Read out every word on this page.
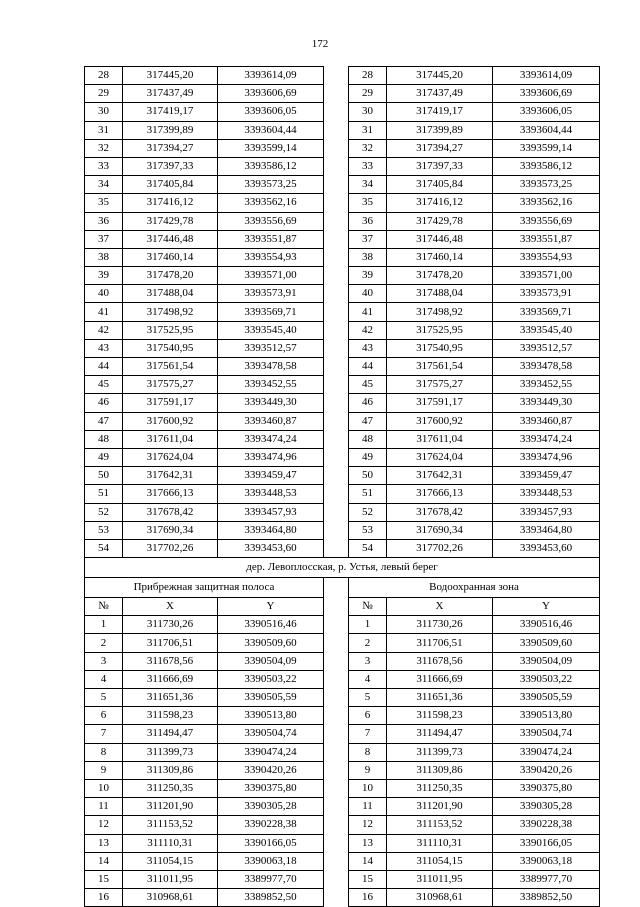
172
28	317445,20	3393614,09		28	317445,20	3393614,09
29	317437,49	3393606,69		29	317437,49	3393606,69
30	317419,17	3393606,05		30	317419,17	3393606,05
31	317399,89	3393604,44		31	317399,89	3393604,44
32	317394,27	3393599,14		32	317394,27	3393599,14
33	317397,33	3393586,12		33	317397,33	3393586,12
34	317405,84	3393573,25		34	317405,84	3393573,25
35	317416,12	3393562,16		35	317416,12	3393562,16
36	317429,78	3393556,69		36	317429,78	3393556,69
37	317446,48	3393551,87		37	317446,48	3393551,87
38	317460,14	3393554,93		38	317460,14	3393554,93
39	317478,20	3393571,00		39	317478,20	3393571,00
40	317488,04	3393573,91		40	317488,04	3393573,91
41	317498,92	3393569,71		41	317498,92	3393569,71
42	317525,95	3393545,40		42	317525,95	3393545,40
43	317540,95	3393512,57		43	317540,95	3393512,57
44	317561,54	3393478,58		44	317561,54	3393478,58
45	317575,27	3393452,55		45	317575,27	3393452,55
46	317591,17	3393449,30		46	317591,17	3393449,30
47	317600,92	3393460,87		47	317600,92	3393460,87
48	317611,04	3393474,24		48	317611,04	3393474,24
49	317624,04	3393474,96		49	317624,04	3393474,96
50	317642,31	3393459,47		50	317642,31	3393459,47
51	317666,13	3393448,53		51	317666,13	3393448,53
52	317678,42	3393457,93		52	317678,42	3393457,93
53	317690,34	3393464,80		53	317690,34	3393464,80
54	317702,26	3393453,60		54	317702,26	3393453,60
дер. Левоплосская, р. Устья, левый берег						
Прибрежная защитная полоса				Водоохранная зона		
№	X	Y		№	X	Y
1	311730,26	3390516,46		1	311730,26	3390516,46
2	311706,51	3390509,60		2	311706,51	3390509,60
3	311678,56	3390504,09		3	311678,56	3390504,09
4	311666,69	3390503,22		4	311666,69	3390503,22
5	311651,36	3390505,59		5	311651,36	3390505,59
6	311598,23	3390513,80		6	311598,23	3390513,80
7	311494,47	3390504,74		7	311494,47	3390504,74
8	311399,73	3390474,24		8	311399,73	3390474,24
9	311309,86	3390420,26		9	311309,86	3390420,26
10	311250,35	3390375,80		10	311250,35	3390375,80
11	311201,90	3390305,28		11	311201,90	3390305,28
12	311153,52	3390228,38		12	311153,52	3390228,38
13	311110,31	3390166,05		13	311110,31	3390166,05
14	311054,15	3390063,18		14	311054,15	3390063,18
15	311011,95	3389977,70		15	311011,95	3389977,70
16	310968,61	3389852,50		16	310968,61	3389852,50
